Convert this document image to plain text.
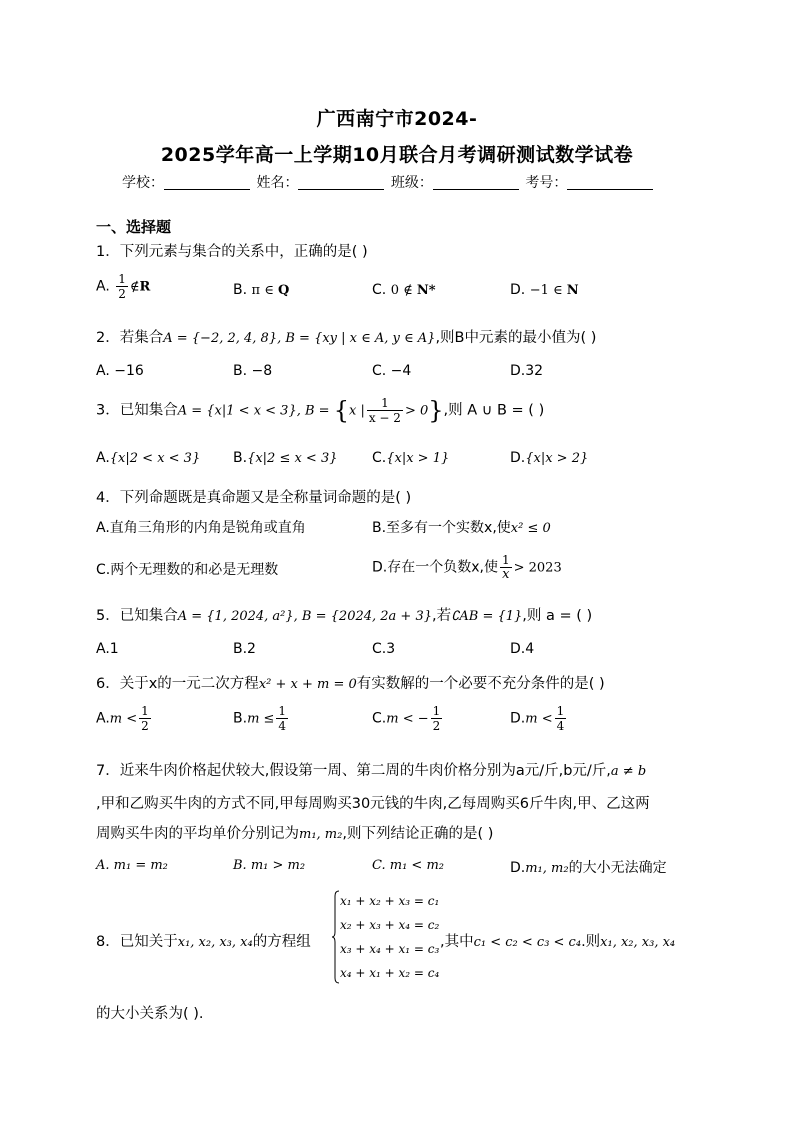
广西南宁市2024-
2025学年高一上学期10月联合月考调研测试数学试卷
学校：	姓名：	班级：	考号：
一、选择题
1．下列元素与集合的关系中，正确的是( )
A. $\frac{1}{2}$ ∉R	B. π ∈ Q	C. 0 ∉ N*	D. −1 ∈ N
2．若集合A = {−2, 2, 4, 8}, B = {xy | x ∈ A, y ∈ A},则B中元素的最小值为( )
A. −16	B. −8	C. −4	D.32
3．已知集合A = {x|1 < x < 3}, B = {x | $\frac{1}{x - 2} > 0$},则 A ∪ B = ( )
A.{x|2 < x < 3} B.{x|2 ≤ x < 3} C.{x|x > 1}	D.{x|x > 2}
4．下列命题既是真命题又是全称量词命题的是( )
A.直角三角形的内角是锐角或直角	B.至多有一个实数x,使x² ≤ 0
C.两个无理数的和必是无理数	D.存在一个负数x,使 $\frac{1}{x} > 2023$
5．已知集合A = {1, 2024, a²}, B = {2024, 2a + 3},若∁AB = {1},则 a = ( )
A.1	B.2	C.3	D.4
6．关于x的一元二次方程x² + x + m = 0有实数解的一个必要不充分条件的是( )
$A.m < \frac{1}{2}$	$B.m \le \frac{1}{4}$	C.m < − $\frac{1}{2}$	$D.m < \frac{1}{4}$
7．近来牛肉价格起伏较大,假设第一周、第二周的牛肉价格分别为a元/斤,b元/斤,a ≠ b
,甲和乙购买牛肉的方式不同,甲每周购买30元钱的牛肉,乙每周购买6斤牛肉,甲、乙这两
周购买牛肉的平均单价分别记为m₁, m₂,则下列结论正确的是( )
A. m₁ = m₂	B. m₁ > m₂	C. m₁ < m₂	D.m₁, m₂的大小无法确定
8．已知关于x₁, x₂, x₃, x₄的方程组
x₁ + x₂ + x₃ = c₁
x₂ + x₃ + x₄ = c₂
x₃ + x₄ + x₁ = c₃
x₄ + x₁ + x₂ = c₄
,其中c₁ < c₂ < c₃ < c₄.则x₁, x₂, x₃, x₄
的大小关系为( ).
